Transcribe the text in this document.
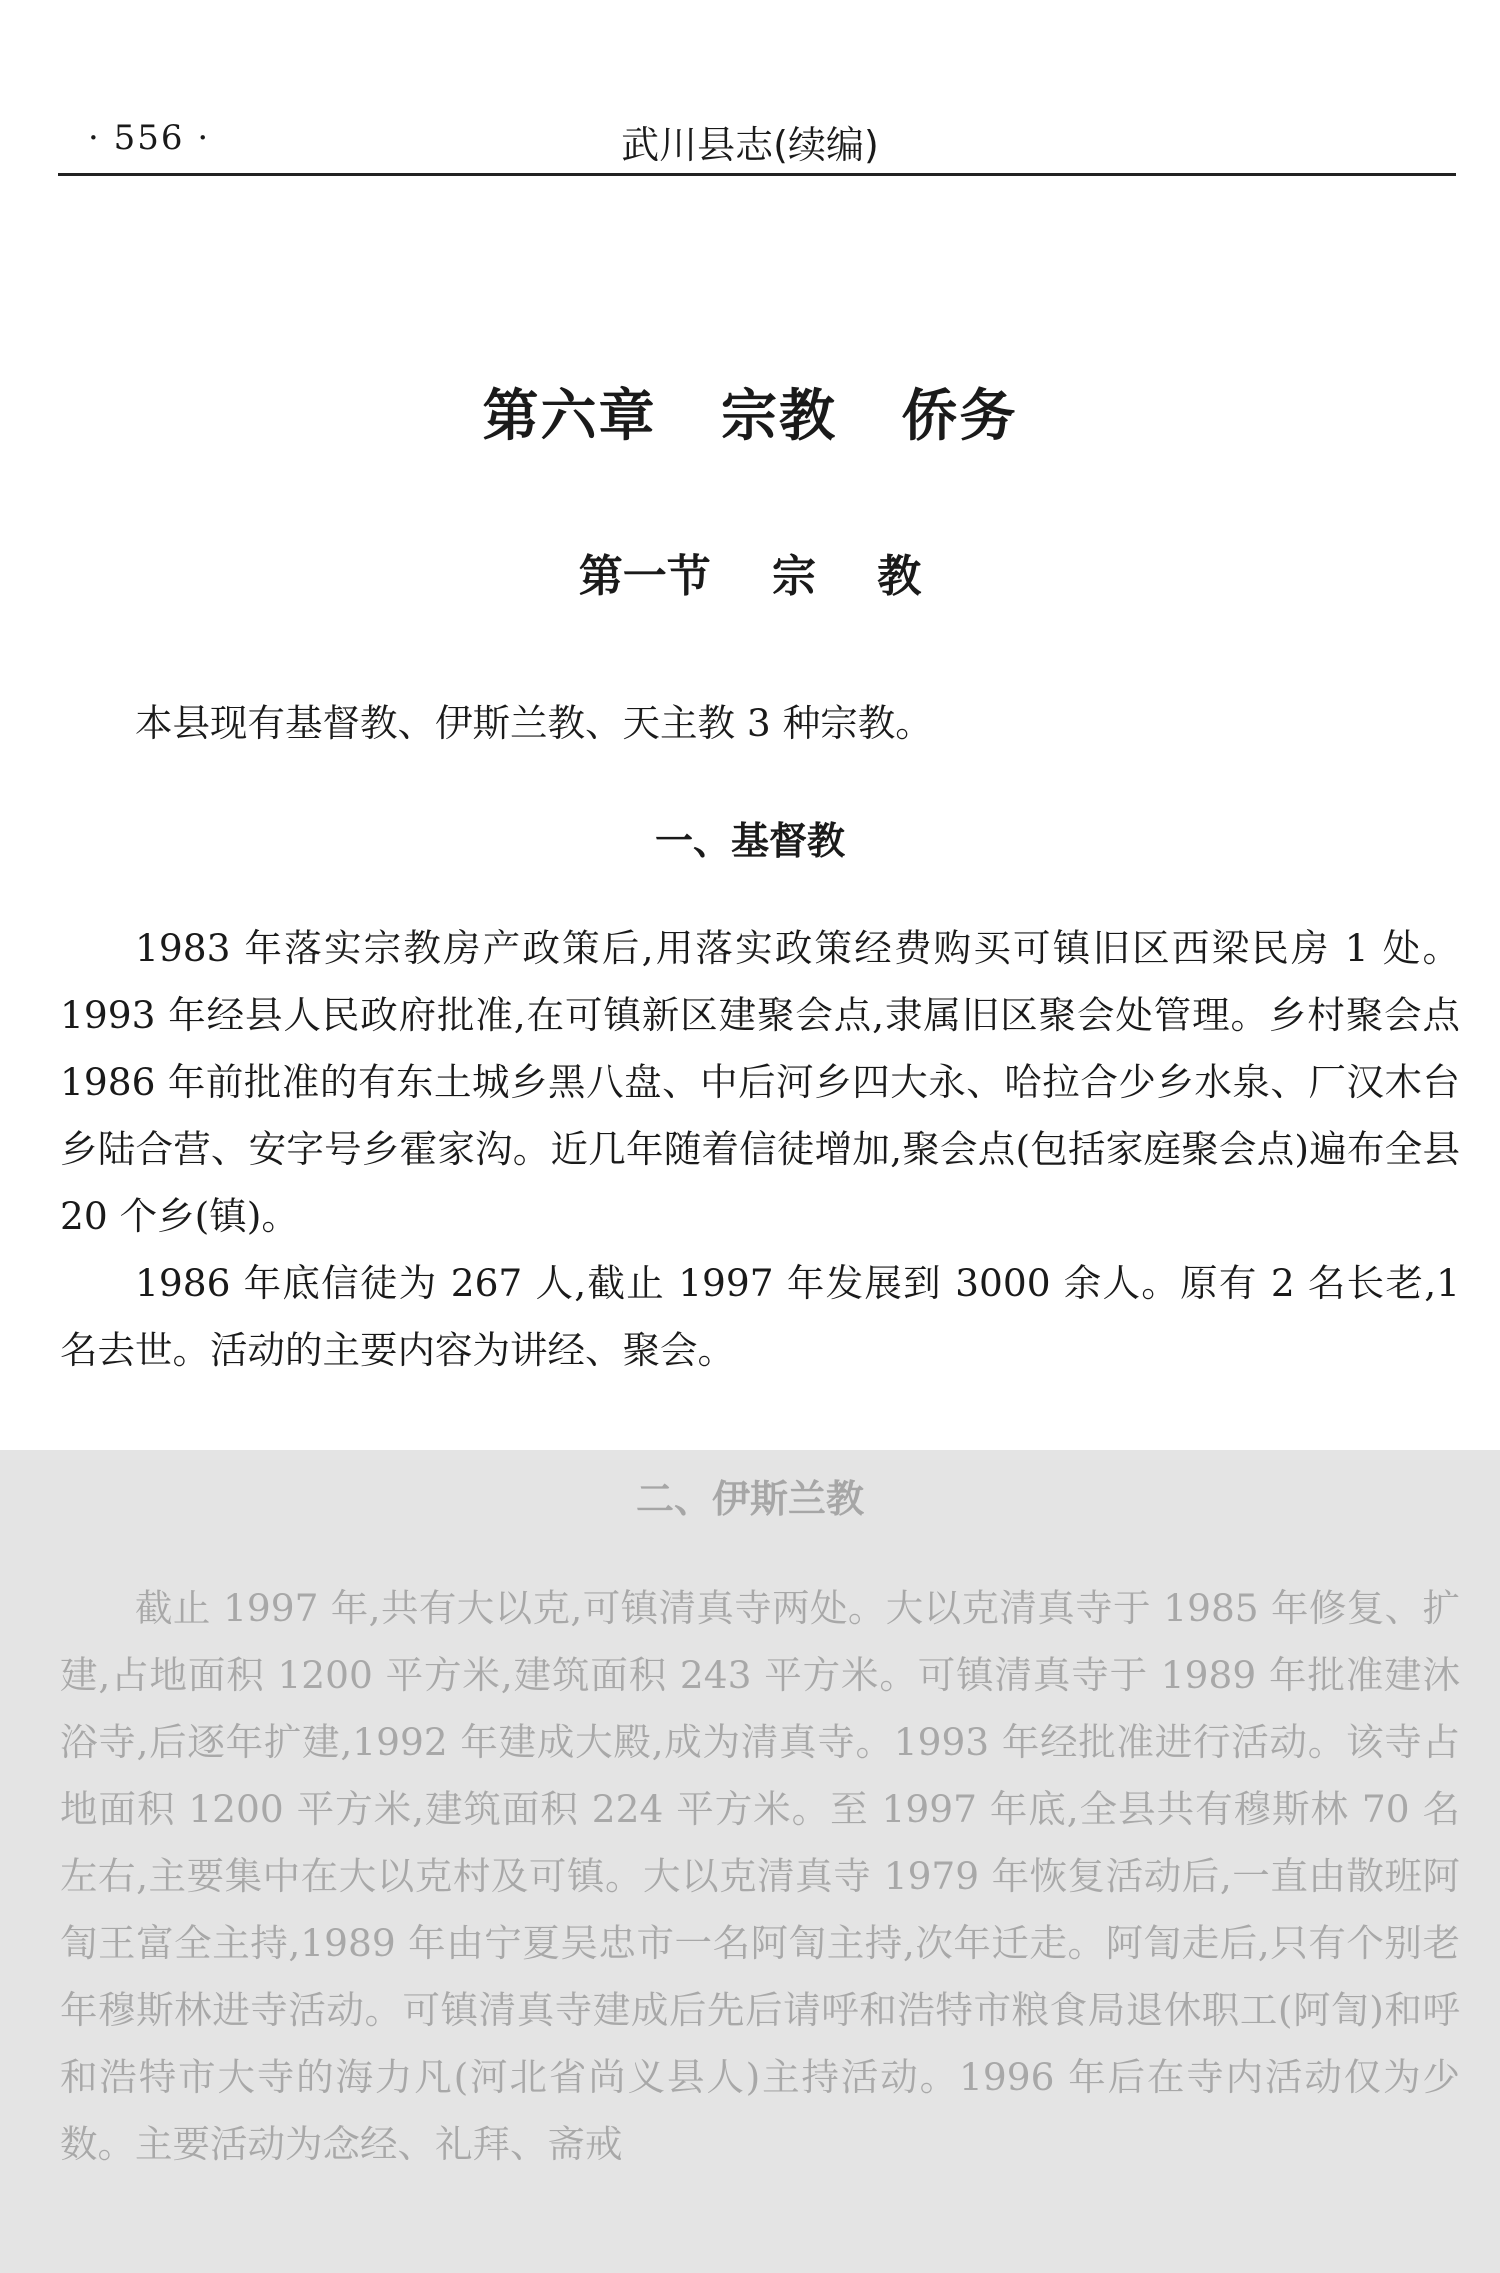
· 556 ·	武川县志(续编)
第六章   宗教   侨务
第一节    宗    教

本县现有基督教、伊斯兰教、天主教 3 种宗教。

一、基督教

1983 年落实宗教房产政策后,用落实政策经费购买可镇旧区西梁民房 1 处。1993 年经县人民政府批准,在可镇新区建聚会点,隶属旧区聚会处管理。乡村聚会点 1986 年前批准的有东土城乡黑八盘、中后河乡四大永、哈拉合少乡水泉、厂汉木台乡陆合营、安字号乡霍家沟。近几年随着信徒增加,聚会点(包括家庭聚会点)遍布全县 20 个乡(镇)。

1986 年底信徒为 267 人,截止 1997 年发展到 3000 余人。原有 2 名长老,1 名去世。活动的主要内容为讲经、聚会。

二、伊斯兰教

截止 1997 年,共有大以克,可镇清真寺两处。大以克清真寺于 1985 年修复、扩建,占地面积 1200 平方米,建筑面积 243 平方米。可镇清真寺于 1989 年批准建沐浴寺,后逐年扩建,1992 年建成大殿,成为清真寺。1993 年经批准进行活动。该寺占地面积 1200 平方米,建筑面积 224 平方米。至 1997 年底,全县共有穆斯林 70 名左右,主要集中在大以克村及可镇。大以克清真寺 1979 年恢复活动后,一直由散班阿訇王富全主持,1989 年由宁夏吴忠市一名阿訇主持,次年迁走。阿訇走后,只有个别老年穆斯林进寺活动。可镇清真寺建成后先后请呼和浩特市粮食局退休职工(阿訇)和呼和浩特市大寺的海力凡(河北省尚义县人)主持活动。1996 年后在寺内活动仅为少数。主要活动为念经、礼拜、斋戒
